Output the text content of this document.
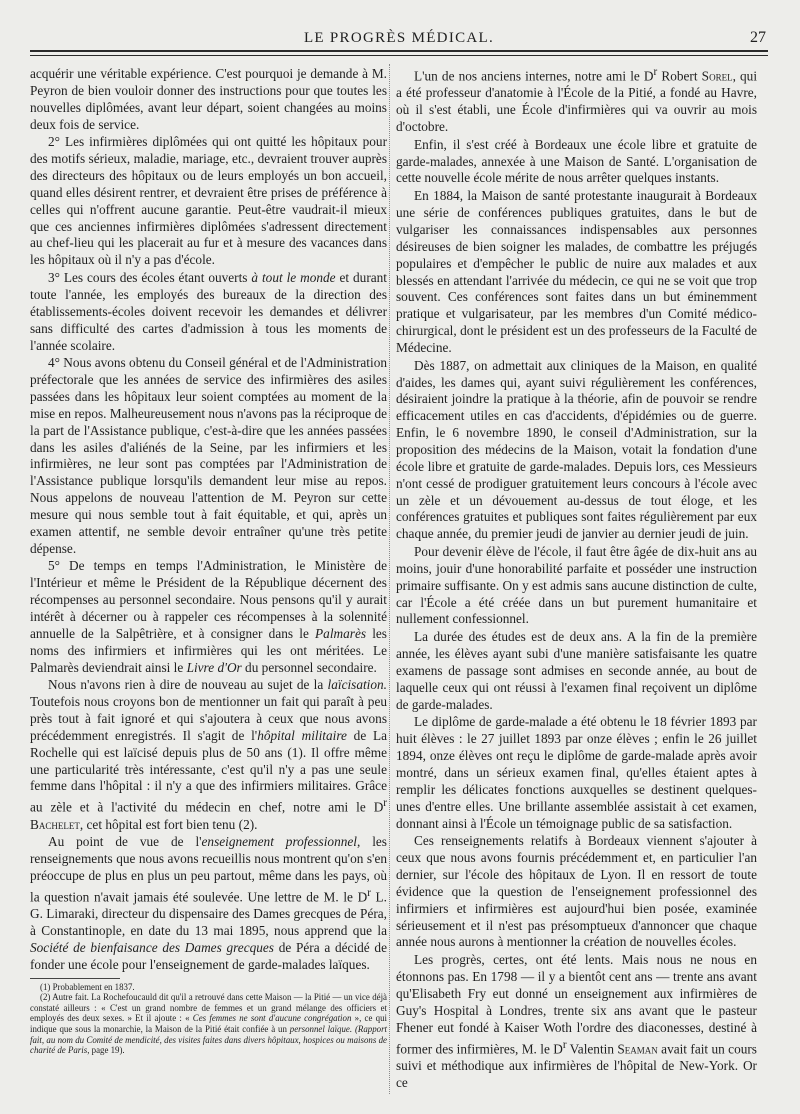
LE PROGRÈS MÉDICAL.	27

acquérir une véritable expérience. C'est pourquoi je demande à M. Peyron de bien vouloir donner des instructions pour que toutes les nouvelles diplômées, avant leur départ, soient changées au moins deux fois de service.

2° Les infirmières diplômées qui ont quitté les hôpitaux pour des motifs sérieux, maladie, mariage, etc., devraient trouver auprès des directeurs des hôpitaux ou de leurs employés un bon accueil, quand elles désirent rentrer, et devraient être prises de préférence à celles qui n'offrent aucune garantie. Peut-être vaudrait-il mieux que ces anciennes infirmières diplômées s'adressent directement au chef-lieu qui les placerait au fur et à mesure des vacances dans les hôpitaux où il n'y a pas d'école.

3° Les cours des écoles étant ouverts à tout le monde et durant toute l'année, les employés des bureaux de la direction des établissements-écoles doivent recevoir les demandes et délivrer sans difficulté des cartes d'admission à tous les moments de l'année scolaire.

4° Nous avons obtenu du Conseil général et de l'Administration préfectorale que les années de service des infirmières des asiles passées dans les hôpitaux leur soient comptées au moment de la mise en repos. Malheureusement nous n'avons pas la réciproque de la part de l'Assistance publique, c'est-à-dire que les années passées dans les asiles d'aliénés de la Seine, par les infirmiers et les infirmières, ne leur sont pas comptées par l'Administration de l'Assistance publique lorsqu'ils demandent leur mise au repos. Nous appelons de nouveau l'attention de M. Peyron sur cette mesure qui nous semble tout à fait équitable, et qui, après un examen attentif, ne semble devoir entraîner qu'une très petite dépense.

5° De temps en temps l'Administration, le Ministère de l'Intérieur et même le Président de la République décernent des récompenses au personnel secondaire. Nous pensons qu'il y aurait intérêt à décerner ou à rappeler ces récompenses à la solennité annuelle de la Salpêtrière, et à consigner dans le Palmarès les noms des infirmiers et infirmières qui les ont méritées. Le Palmarès deviendrait ainsi le Livre d'Or du personnel secondaire.

Nous n'avons rien à dire de nouveau au sujet de la laïcisation. Toutefois nous croyons bon de mentionner un fait qui paraît à peu près tout à fait ignoré et qui s'ajoutera à ceux que nous avons précédemment enregistrés. Il s'agit de l'hôpital militaire de La Rochelle qui est laïcisé depuis plus de 50 ans (1). Il offre même une particularité très intéressante, c'est qu'il n'y a pas une seule femme dans l'hôpital : il n'y a que des infirmiers militaires. Grâce au zèle et à l'activité du médecin en chef, notre ami le $D^r$ Bachelet, cet hôpital est fort bien tenu (2).

Au point de vue de l'enseignement professionnel, les renseignements que nous avons recueillis nous montrent qu'on s'en préoccupe de plus en plus un peu partout, même dans les pays, où la question n'avait jamais été soulevée. Une lettre de M. le $D^r$ L. G. Limaraki, directeur du dispensaire des Dames grecques de Péra, à Constantinople, en date du 13 mai 1895, nous apprend que la Société de bienfaisance des Dames grecques de Péra a décidé de fonder une école pour l'enseignement de garde-malades laïques.

(1) Probablement en 1837.

(2) Autre fait. La Rochefoucauld dit qu'il a retrouvé dans cette Maison — la Pitié — un vice déjà constaté ailleurs : « C'est un grand nombre de femmes et un grand mélange des officiers et employés des deux sexes. » Et il ajoute : « Ces femmes ne sont d'aucune congrégation », ce qui indique que sous la monarchie, la Maison de la Pitié était confiée à un personnel laïque. (Rapport fait, au nom du Comité de mendicité, des visites faites dans divers hôpitaux, hospices ou maisons de charité de Paris, page 19).

L'un de nos anciens internes, notre ami le $D^r$ Robert Sorel, qui a été professeur d'anatomie à l'École de la Pitié, a fondé au Havre, où il s'est établi, une École d'infirmières qui va ouvrir au mois d'octobre.

Enfin, il s'est créé à Bordeaux une école libre et gratuite de garde-malades, annexée à une Maison de Santé. L'organisation de cette nouvelle école mérite de nous arrêter quelques instants.

En 1884, la Maison de santé protestante inaugurait à Bordeaux une série de conférences publiques gratuites, dans le but de vulgariser les connaissances indispensables aux personnes désireuses de bien soigner les malades, de combattre les préjugés populaires et d'empêcher le public de nuire aux malades et aux blessés en attendant l'arrivée du médecin, ce qui ne se voit que trop souvent. Ces conférences sont faites dans un but éminemment pratique et vulgarisateur, par les membres d'un Comité médico-chirurgical, dont le président est un des professeurs de la Faculté de Médecine.

Dès 1887, on admettait aux cliniques de la Maison, en qualité d'aides, les dames qui, ayant suivi régulièrement les conférences, désiraient joindre la pratique à la théorie, afin de pouvoir se rendre efficacement utiles en cas d'accidents, d'épidémies ou de guerre. Enfin, le 6 novembre 1890, le conseil d'Administration, sur la proposition des médecins de la Maison, votait la fondation d'une école libre et gratuite de garde-malades. Depuis lors, ces Messieurs n'ont cessé de prodiguer gratuitement leurs concours à l'école avec un zèle et un dévouement au-dessus de tout éloge, et les conférences gratuites et publiques sont faites régulièrement par eux chaque année, du premier jeudi de janvier au dernier jeudi de juin.

Pour devenir élève de l'école, il faut être âgée de dix-huit ans au moins, jouir d'une honorabilité parfaite et posséder une instruction primaire suffisante. On y est admis sans aucune distinction de culte, car l'École a été créée dans un but purement humanitaire et nullement confessionnel.

La durée des études est de deux ans. A la fin de la première année, les élèves ayant subi d'une manière satisfaisante les quatre examens de passage sont admises en seconde année, au bout de laquelle ceux qui ont réussi à l'examen final reçoivent un diplôme de garde-malades.

Le diplôme de garde-malade a été obtenu le 18 février 1893 par huit élèves : le 27 juillet 1893 par onze élèves ; enfin le 26 juillet 1894, onze élèves ont reçu le diplôme de garde-malade après avoir montré, dans un sérieux examen final, qu'elles étaient aptes à remplir les délicates fonctions auxquelles se destinent quelques-unes d'entre elles. Une brillante assemblée assistait à cet examen, donnant ainsi à l'École un témoignage public de sa satisfaction.

Ces renseignements relatifs à Bordeaux viennent s'ajouter à ceux que nous avons fournis précédemment et, en particulier l'an dernier, sur l'école des hôpitaux de Lyon. Il en ressort de toute évidence que la question de l'enseignement professionnel des infirmiers et infirmières est aujourd'hui bien posée, examinée sérieusement et il n'est pas présomptueux d'annoncer que chaque année nous aurons à mentionner la création de nouvelles écoles.

Les progrès, certes, ont été lents. Mais nous ne nous en étonnons pas. En 1798 — il y a bientôt cent ans — trente ans avant qu'Elisabeth Fry eut donné un enseignement aux infirmières de Guy's Hospital à Londres, trente six ans avant que le pasteur Fhener eut fondé à Kaiser Woth l'ordre des diaconesses, destiné à former des infirmières, M. le $D^r$ Valentin Seaman avait fait un cours suivi et méthodique aux infirmières de l'hôpital de New-York. Or ce
